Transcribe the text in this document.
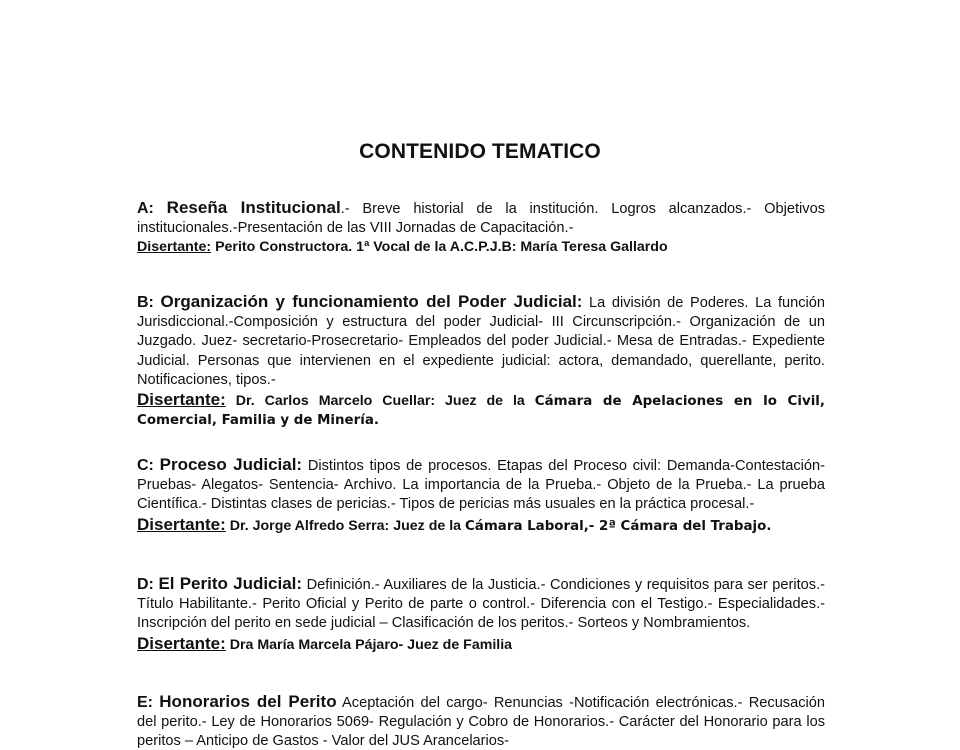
CONTENIDO TEMATICO

A: Reseña Institucional.- Breve historial de la institución. Logros alcanzados.- Objetivos institucionales.-Presentación de las VIII Jornadas de Capacitación.-

Disertante: Perito Constructora. 1ª Vocal de la A.C.P.J.B: María Teresa Gallardo

B: Organización y funcionamiento del Poder Judicial: La división de Poderes. La función Jurisdiccional.-Composición y estructura del poder Judicial- III Circunscripción.- Organización de un Juzgado. Juez- secretario-Prosecretario- Empleados del poder Judicial.- Mesa de Entradas.- Expediente Judicial. Personas que intervienen en el expediente judicial: actora, demandado, querellante, perito. Notificaciones, tipos.-

Disertante: Dr. Carlos Marcelo Cuellar: Juez de la Cámara de Apelaciones en lo Civil, Comercial, Familia y de Minería.

C: Proceso Judicial: Distintos tipos de procesos. Etapas del Proceso civil: Demanda-Contestación- Pruebas- Alegatos- Sentencia- Archivo. La importancia de la Prueba.- Objeto de la Prueba.- La prueba Científica.- Distintas clases de pericias.- Tipos de pericias más usuales en la práctica procesal.-

Disertante: Dr. Jorge Alfredo Serra: Juez de la Cámara Laboral,- 2ª Cámara del Trabajo.

D: El Perito Judicial: Definición.- Auxiliares de la Justicia.- Condiciones y requisitos para ser peritos.-Título Habilitante.- Perito Oficial y Perito de parte o control.- Diferencia con el Testigo.- Especialidades.- Inscripción del perito en sede judicial – Clasificación de los peritos.- Sorteos y Nombramientos.

Disertante: Dra María Marcela Pájaro- Juez de Familia

E: Honorarios del Perito Aceptación del cargo- Renuncias -Notificación electrónicas.- Recusación del perito.- Ley de Honorarios 5069- Regulación y Cobro de Honorarios.- Carácter del Honorario para los peritos – Anticipo de Gastos - Valor del JUS Arancelarios-
